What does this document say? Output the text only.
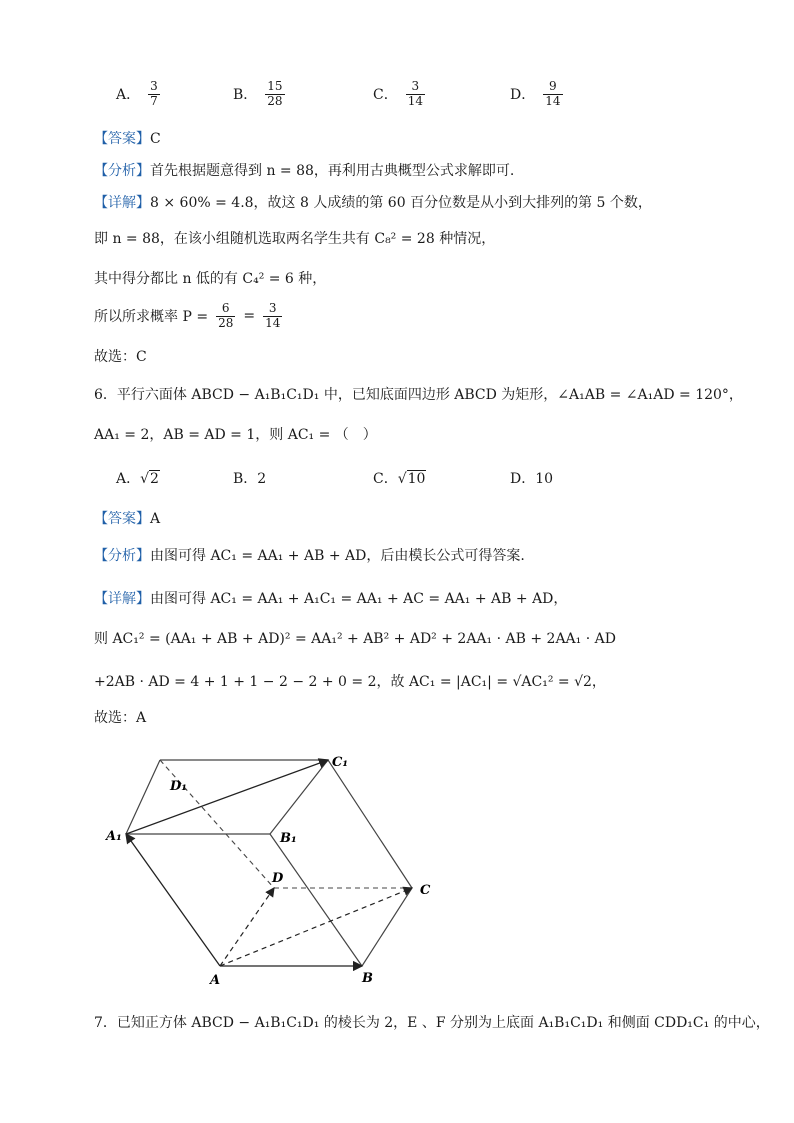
A． $\frac{3}{7}$	B． $\frac{15}{28}$	C． $\frac{3}{14}$	D． $\frac{9}{14}$
【答案】C
【分析】首先根据题意得到 n = 88，再利用古典概型公式求解即可.
【详解】8 × 60% = 4.8，故这 8 人成绩的第 60 百分位数是从小到大排列的第 5 个数，
即 n = 88，在该小组随机选取两名学生共有 C₈² = 28 种情况，
其中得分都比 n 低的有 C₄² = 6 种，
所以所求概率 $P = \frac{6}{28} = \frac{3}{14}$
故选：C
6．平行六面体 ABCD − A₁B₁C₁D₁ 中，已知底面四边形 ABCD 为矩形，∠A₁AB = ∠A₁AD = 120°，
AA₁ = 2，AB = AD = 1，则 AC₁ = （　）
A．√2	B．2	C．√10	D．10
【答案】A
【分析】由图可得 AC₁ = AA₁ + AB + AD，后由模长公式可得答案.
【详解】由图可得 AC₁ = AA₁ + A₁C₁ = AA₁ + AC = AA₁ + AB + AD，
则 AC₁² = (AA₁ + AB + AD)² = AA₁² + AB² + AD² + 2AA₁ · AB + 2AA₁ · AD
+2AB · AD = 4 + 1 + 1 − 2 − 2 + 0 = 2，故 AC₁ = |AC₁| = √AC₁² = √2，
故选：A
A₁
D₁
C₁
B₁
D
C
A	B
7．已知正方体 ABCD − A₁B₁C₁D₁ 的棱长为 2，E 、F 分别为上底面 A₁B₁C₁D₁ 和侧面 CDD₁C₁ 的中心，
